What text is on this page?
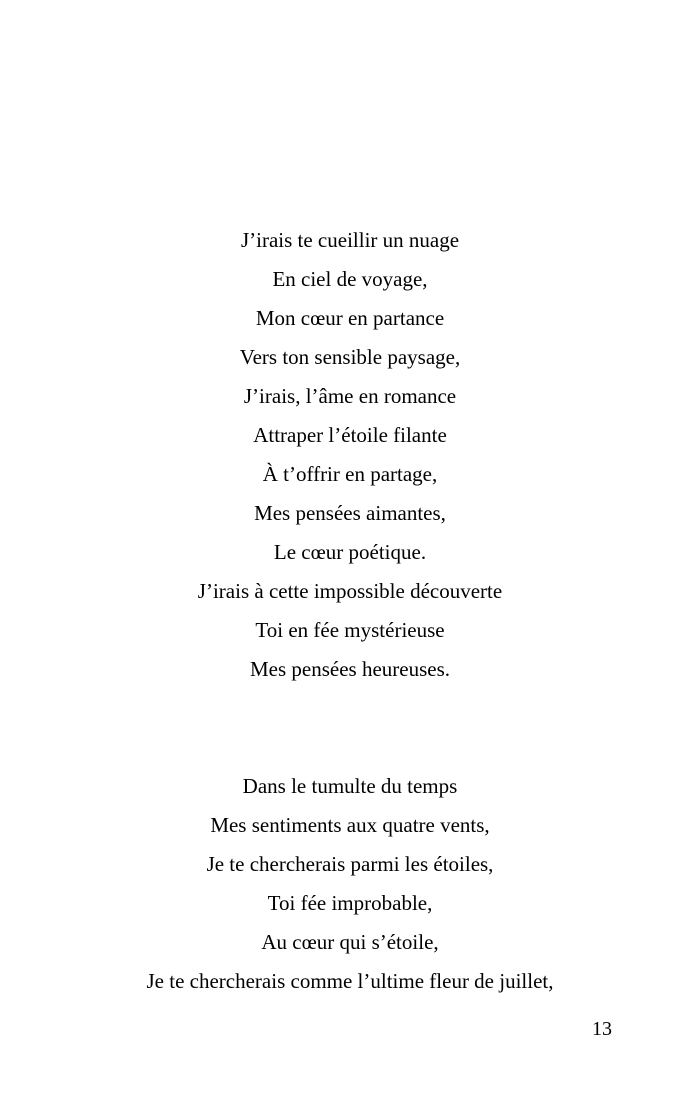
J’irais te cueillir un nuage
En ciel de voyage,
Mon cœur en partance
Vers ton sensible paysage,
J’irais, l’âme en romance
Attraper l’étoile filante
À t’offrir en partage,
Mes pensées aimantes,
Le cœur poétique.
J’irais à cette impossible découverte
Toi en fée mystérieuse
Mes pensées heureuses.
Dans le tumulte du temps
Mes sentiments aux quatre vents,
Je te chercherais parmi les étoiles,
Toi fée improbable,
Au cœur qui s’étoile,
Je te chercherais comme l’ultime fleur de juillet,
13
